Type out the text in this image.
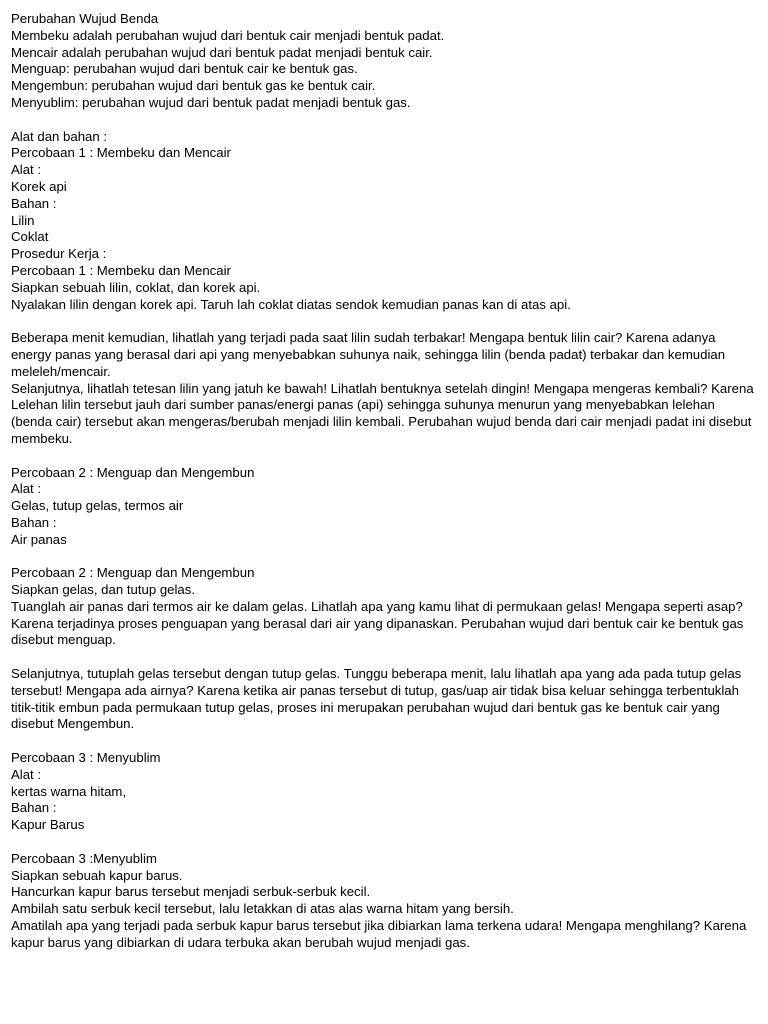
Perubahan Wujud Benda
Membeku adalah perubahan wujud dari bentuk cair menjadi bentuk padat.
Mencair adalah perubahan wujud dari bentuk padat menjadi bentuk cair.
Menguap: perubahan wujud dari bentuk cair ke bentuk gas.
Mengembun: perubahan wujud dari bentuk gas ke bentuk cair.
Menyublim: perubahan wujud dari bentuk padat menjadi bentuk gas.
Alat dan bahan :
Percobaan 1 : Membeku dan Mencair
Alat :
Korek api
Bahan :
Lilin
Coklat
Prosedur Kerja :
Percobaan 1 : Membeku dan Mencair
Siapkan sebuah lilin, coklat, dan korek api.
Nyalakan lilin dengan korek api. Taruh lah coklat diatas sendok kemudian panas kan di atas api.
Beberapa menit kemudian, lihatlah yang terjadi pada saat lilin sudah terbakar! Mengapa bentuk lilin cair? Karena adanya energy panas yang berasal dari api yang menyebabkan suhunya naik, sehingga lilin (benda padat) terbakar dan kemudian meleleh/mencair.
Selanjutnya, lihatlah tetesan lilin yang jatuh ke bawah! Lihatlah bentuknya setelah dingin! Mengapa mengeras kembali? Karena Lelehan lilin tersebut jauh dari sumber panas/energi panas (api) sehingga suhunya menurun yang menyebabkan lelehan (benda cair) tersebut akan mengeras/berubah menjadi lilin kembali. Perubahan wujud benda dari cair menjadi padat ini disebut membeku.
Percobaan 2 : Menguap dan Mengembun
Alat :
Gelas, tutup gelas, termos air
Bahan :
Air panas
Percobaan 2 : Menguap dan Mengembun
Siapkan gelas, dan tutup gelas.
Tuanglah air panas dari termos air ke dalam gelas. Lihatlah apa yang kamu lihat di permukaan gelas! Mengapa seperti asap? Karena terjadinya proses penguapan yang berasal dari air yang dipanaskan. Perubahan wujud dari bentuk cair ke bentuk gas disebut menguap.
Selanjutnya, tutuplah gelas tersebut dengan tutup gelas. Tunggu beberapa menit, lalu lihatlah apa yang ada pada tutup gelas tersebut! Mengapa ada airnya? Karena ketika air panas tersebut di tutup, gas/uap air tidak bisa keluar sehingga terbentuklah titik-titik embun pada permukaan tutup gelas, proses ini merupakan perubahan wujud dari bentuk gas ke bentuk cair yang disebut Mengembun.
Percobaan 3 : Menyublim
Alat :
kertas warna hitam,
Bahan :
Kapur Barus
Percobaan 3 :Menyublim
Siapkan sebuah kapur barus.
Hancurkan kapur barus tersebut menjadi serbuk-serbuk kecil.
Ambilah satu serbuk kecil tersebut, lalu letakkan di atas alas warna hitam yang bersih.
Amatilah apa yang terjadi pada serbuk kapur barus tersebut jika dibiarkan lama terkena udara! Mengapa menghilang? Karena kapur barus yang dibiarkan di udara terbuka akan berubah wujud menjadi gas.
